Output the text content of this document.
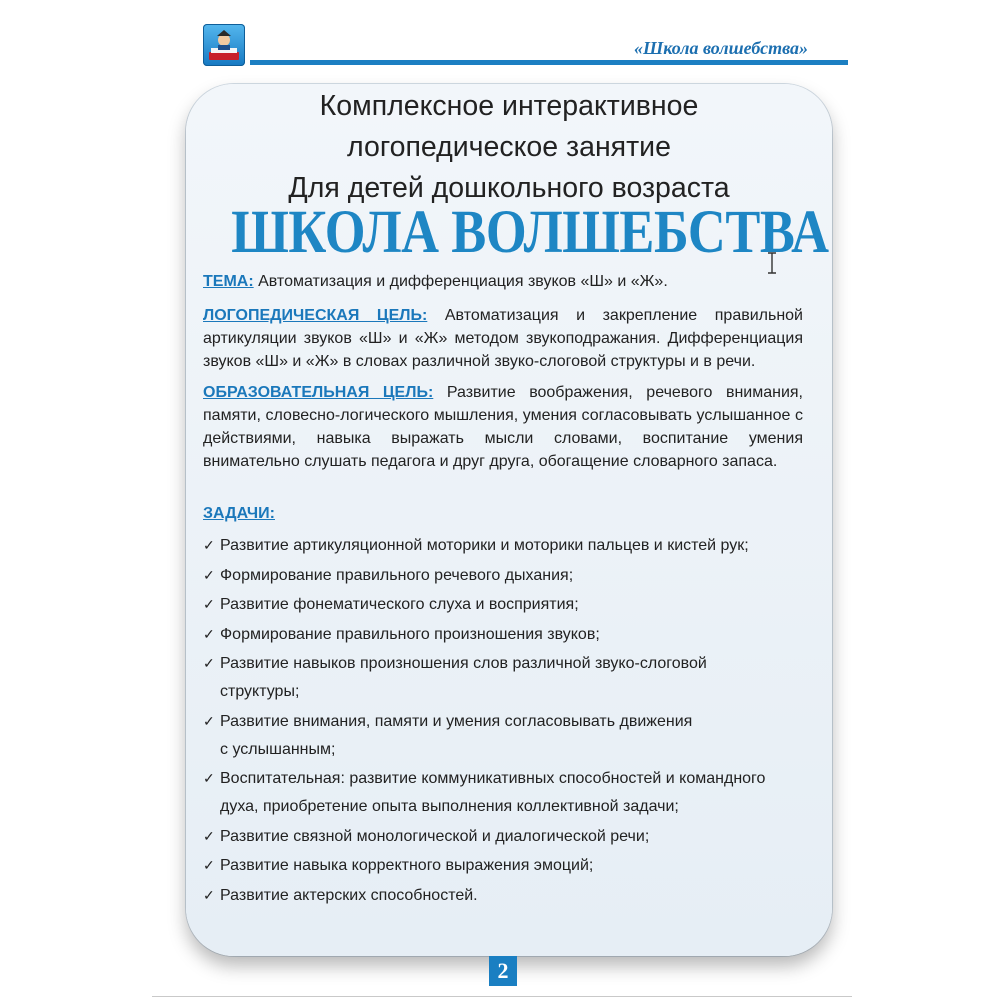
«Школа волшебства»
Комплексное интерактивное
логопедическое занятие
Для детей дошкольного возраста
ШКОЛА ВОЛШЕБСТВА

ТЕМА: Автоматизация и дифференциация звуков «Ш» и «Ж».

ЛОГОПЕДИЧЕСКАЯ ЦЕЛЬ: Автоматизация и закрепление правильной артикуляции звуков «Ш» и «Ж» методом звукоподражания. Дифференциация звуков «Ш» и «Ж» в словах различной звуко-слоговой структуры и в речи.

ОБРАЗОВАТЕЛЬНАЯ ЦЕЛЬ: Развитие воображения, речевого внимания, памяти, словесно-логического мышления, умения согласовывать услышанное с действиями, навыка выражать мысли словами, воспитание умения внимательно слушать педагога и друг друга, обогащение словарного запаса.

ЗАДАЧИ:
✓ Развитие артикуляционной моторики и моторики пальцев и кистей рук;
✓ Формирование правильного речевого дыхания;
✓ Развитие фонематического слуха и восприятия;
✓ Формирование правильного произношения звуков;
✓ Развитие навыков произношения слов различной звуко-слоговой
структуры;
✓ Развитие внимания, памяти и умения согласовывать движения
с услышанным;
✓ Воспитательная: развитие коммуникативных способностей и командного
духа, приобретение опыта выполнения коллективной задачи;
✓ Развитие связной монологической и диалогической речи;
✓ Развитие навыка корректного выражения эмоций;
✓ Развитие актерских способностей.
2
